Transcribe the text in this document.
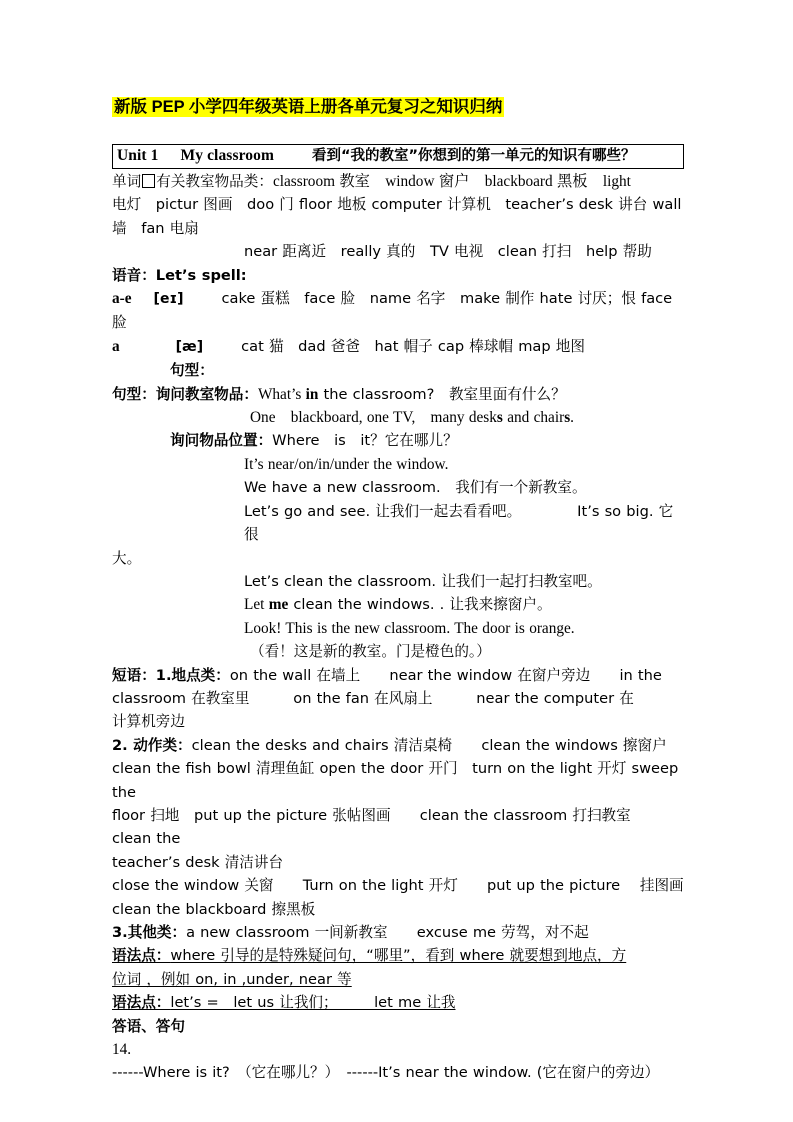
新版 PEP 小学四年级英语上册各单元复习之知识归纳
Unit 1 My classroom	看到“我的教室”你想到的第一单元的知识有哪些？

单词 有关教室物品类：classroom 教室　window 窗户　blackboard 黑板　light

电灯　pictur 图画　doo 门 floor 地板 computer 计算机　teacher’s desk 讲台 wall

墙　fan 电扇

near 距离近　really 真的　TV 电视　clean 打扫　help 帮助

语音：Let’s spell:

a-e [eɪ]	cake 蛋糕　face 脸　name 名字　make 制作 hate 讨厌；恨 face

脸

a	[æ]	cat 猫　dad 爸爸　hat 帽子 cap 棒球帽 map 地图

句型：

句型：询问教室物品：What’s in the classroom?　教室里面有什么？

One　blackboard, one TV,　many desks and chairs.

询问物品位置：Where　is　it？它在哪儿？

It’s near/on/in/under the window.

We have a new classroom.　我们有一个新教室。

Let’s go and see. 让我们一起去看看吧。	It’s so big. 它很

大。

Let’s clean the classroom. 让我们一起打扫教室吧。

Let me clean the windows. . 让我来擦窗户。

Look! This is the new classroom. The door is orange.

（看！这是新的教室。门是橙色的。）

短语：1.地点类：on the wall 在墙上　　near the window 在窗户旁边　　in the

classroom 在教室里　　　on the fan 在风扇上　　　near the computer 在

计算机旁边

2. 动作类：clean the desks and chairs 清洁桌椅　　clean the windows 擦窗户

clean the fish bowl 清理鱼缸 open the door 开门　turn on the light 开灯 sweep the

floor 扫地　put up the picture 张帖图画　　clean the classroom 打扫教室　clean the

teacher’s desk 清洁讲台

close the window 关窗　　Turn on the light 开灯　　put up the picture 　挂图画

clean the blackboard 擦黑板

3.其他类：a new classroom 一间新教室　　excuse me 劳驾，对不起

语法点：where 引导的是特殊疑问句，“哪里”，看到 where 就要想到地点，方

位词 ，例如 on, in ,under, near 等

语法点：let’s =　let us 让我们；　　　let me 让我

答语、答句

14.------Where is it?　（它在哪儿？）　------It’s near the window. (它在窗户的旁边）
